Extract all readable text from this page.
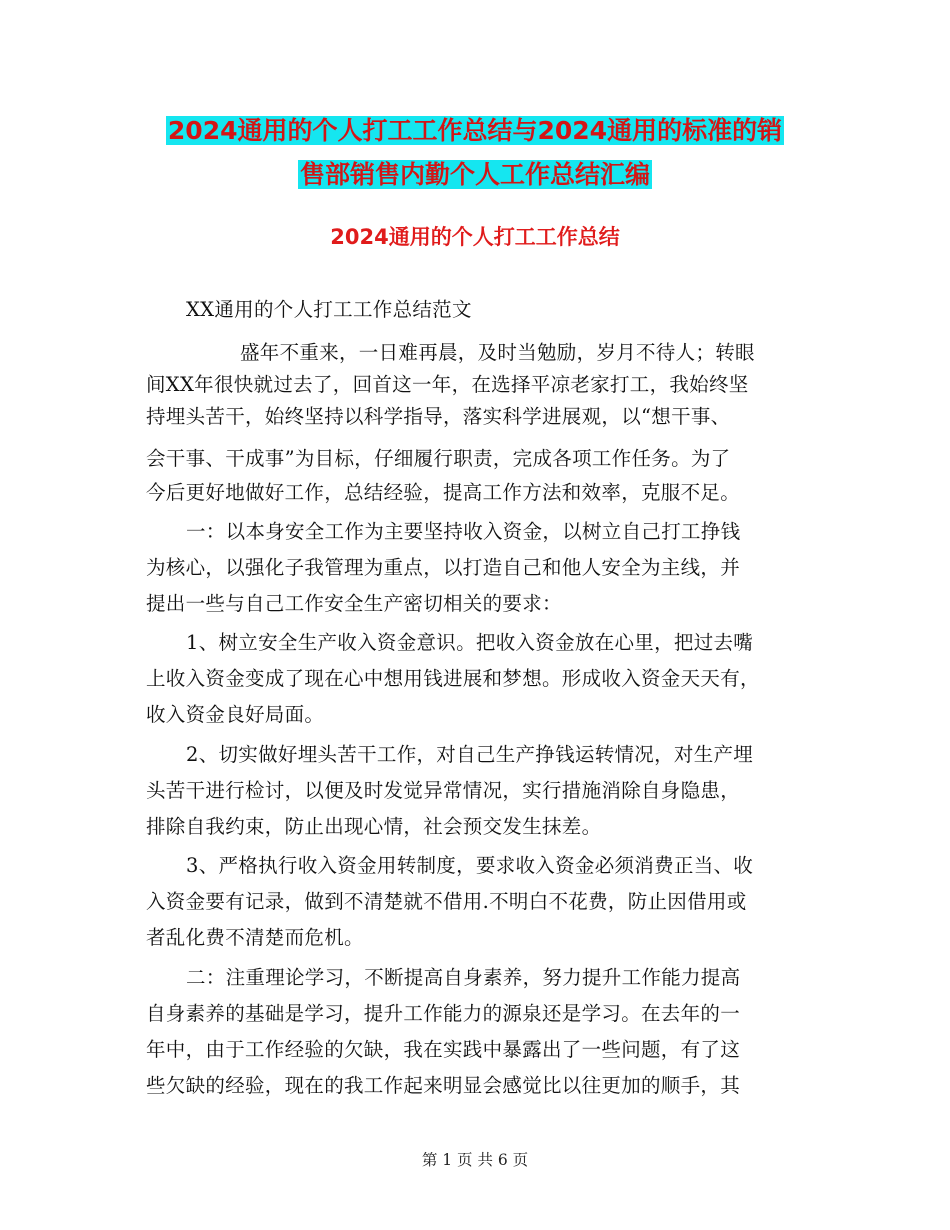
2024通用的个人打工工作总结与2024通用的标准的销
售部销售内勤个人工作总结汇编
2024通用的个人打工工作总结
XX通用的个人打工工作总结范文
盛年不重来，一日难再晨，及时当勉励，岁月不待人；转眼
间XX年很快就过去了，回首这一年，在选择平凉老家打工，我始终坚
持埋头苦干，始终坚持以科学指导，落实科学进展观，以“想干事、
会干事、干成事”为目标，仔细履行职责，完成各项工作任务。为了
今后更好地做好工作，总结经验，提高工作方法和效率，克服不足。
一：以本身安全工作为主要坚持收入资金，以树立自己打工挣钱
为核心，以强化子我管理为重点，以打造自己和他人安全为主线，并
提出一些与自己工作安全生产密切相关的要求：
1、树立安全生产收入资金意识。把收入资金放在心里，把过去嘴
上收入资金变成了现在心中想用钱进展和梦想。形成收入资金天天有，
收入资金良好局面。
2、切实做好埋头苦干工作，对自己生产挣钱运转情况，对生产埋
头苦干进行检讨，以便及时发觉异常情况，实行措施消除自身隐患，
排除自我约束，防止出现心情，社会预交发生抹差。
3、严格执行收入资金用转制度，要求收入资金必须消费正当、收
入资金要有记录，做到不清楚就不借用.不明白不花费，防止因借用或
者乱化费不清楚而危机。
二：注重理论学习，不断提高自身素养，努力提升工作能力提高
自身素养的基础是学习，提升工作能力的源泉还是学习。在去年的一
年中，由于工作经验的欠缺，我在实践中暴露出了一些问题，有了这
些欠缺的经验，现在的我工作起来明显会感觉比以往更加的顺手，其
第 1 页 共 6 页
